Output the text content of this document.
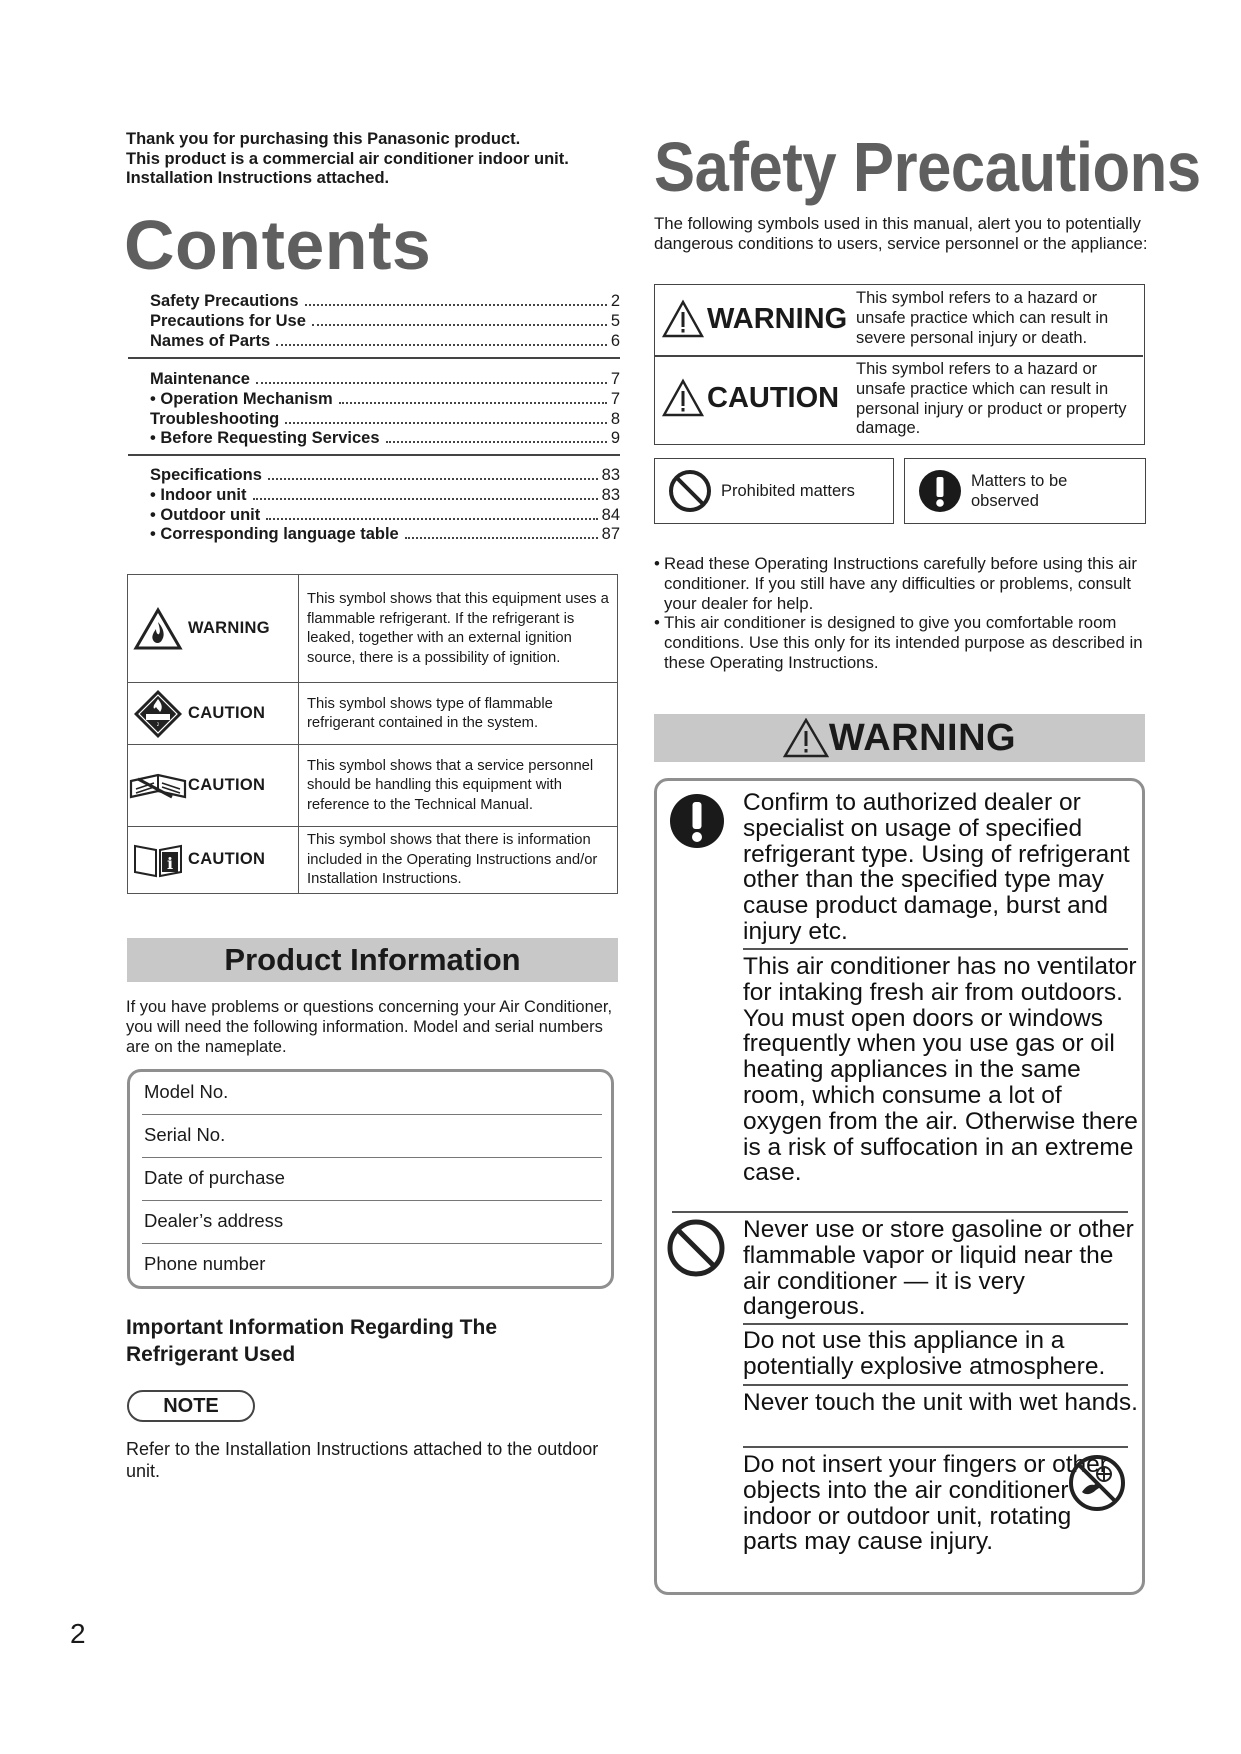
Thank you for purchasing this Panasonic product.
This product is a commercial air conditioner indoor unit.
Installation Instructions attached.
Contents
Safety Precautions	2
Precautions for Use	5
Names of Parts	6
Maintenance	7
• Operation Mechanism	7
Troubleshooting	8
• Before Requesting Services	9
Specifications	83
• Indoor unit	83
• Outdoor unit	84
• Corresponding language table	87
WARNING	This symbol shows that this equipment uses a flammable refrigerant. If the refrigerant is leaked, together with an external ignition source, there is a possibility of ignition.

2
CAUTION	This symbol shows type of flammable refrigerant contained in the system.

CAUTION	This symbol shows that a service personnel should be handling this equipment with reference to the Technical Manual.

i CAUTION	This symbol shows that there is information included in the Operating Instructions and/or Installation Instructions.
Product Information
If you have problems or questions concerning your Air Conditioner, you will need the following information. Model and serial numbers are on the nameplate.
Model No.
Serial No.
Date of purchase
Dealer’s address
Phone number
Important Information Regarding The Refrigerant Used
NOTE
Refer to the Installation Instructions attached to the outdoor unit.
2
Safety Precautions
The following symbols used in this manual, alert you to potentially dangerous conditions to users, service personnel or the appliance:
WARNING
This symbol refers to a hazard or unsafe practice which can result in severe personal injury or death.
CAUTION
This symbol refers to a hazard or unsafe practice which can result in personal injury or product or property damage.
Prohibited matters
Matters to be observed
• Read these Operating Instructions carefully before using this air conditioner. If you still have any difficulties or problems, consult your dealer for help.
• This air conditioner is designed to give you comfortable room conditions. Use this only for its intended purpose as described in these Operating Instructions.
WARNING
Confirm to authorized dealer or specialist on usage of specified refrigerant type. Using of refrigerant other than the specified type may cause product damage, burst and injury etc.
This air conditioner has no ventilator for intaking fresh air from outdoors. You must open doors or windows frequently when you use gas or oil heating appliances in the same room, which consume a lot of oxygen from the air. Otherwise there is a risk of suffocation in an extreme case.
Never use or store gasoline or other flammable vapor or liquid near the air conditioner — it is very dangerous.
Do not use this appliance in a potentially explosive atmosphere.
Never touch the unit with wet hands.
Do not insert your fingers or other objects into the air conditioner indoor or outdoor unit, rotating parts may cause injury.
